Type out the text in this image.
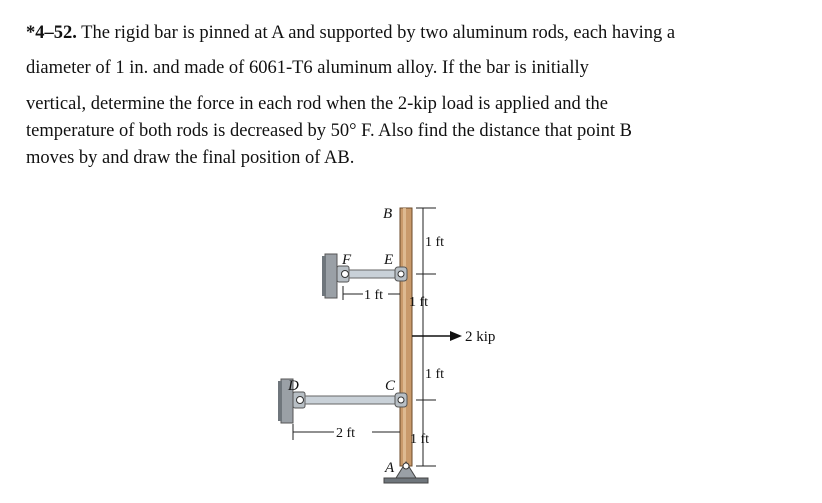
*4–52. The rigid bar is pinned at A and supported by two aluminum rods, each having a
diameter of 1 in. and made of 6061-T6 aluminum alloy. If the bar is initially
vertical, determine the force in each rod when the 2-kip load is applied and the
temperature of both rods is decreased by 50° F. Also find the distance that point B
moves by and draw the final position of AB.
B
E
F
C
D
A
1 ft
1 ft
1 ft
1 ft
1 ft
2 ft
2 kip
